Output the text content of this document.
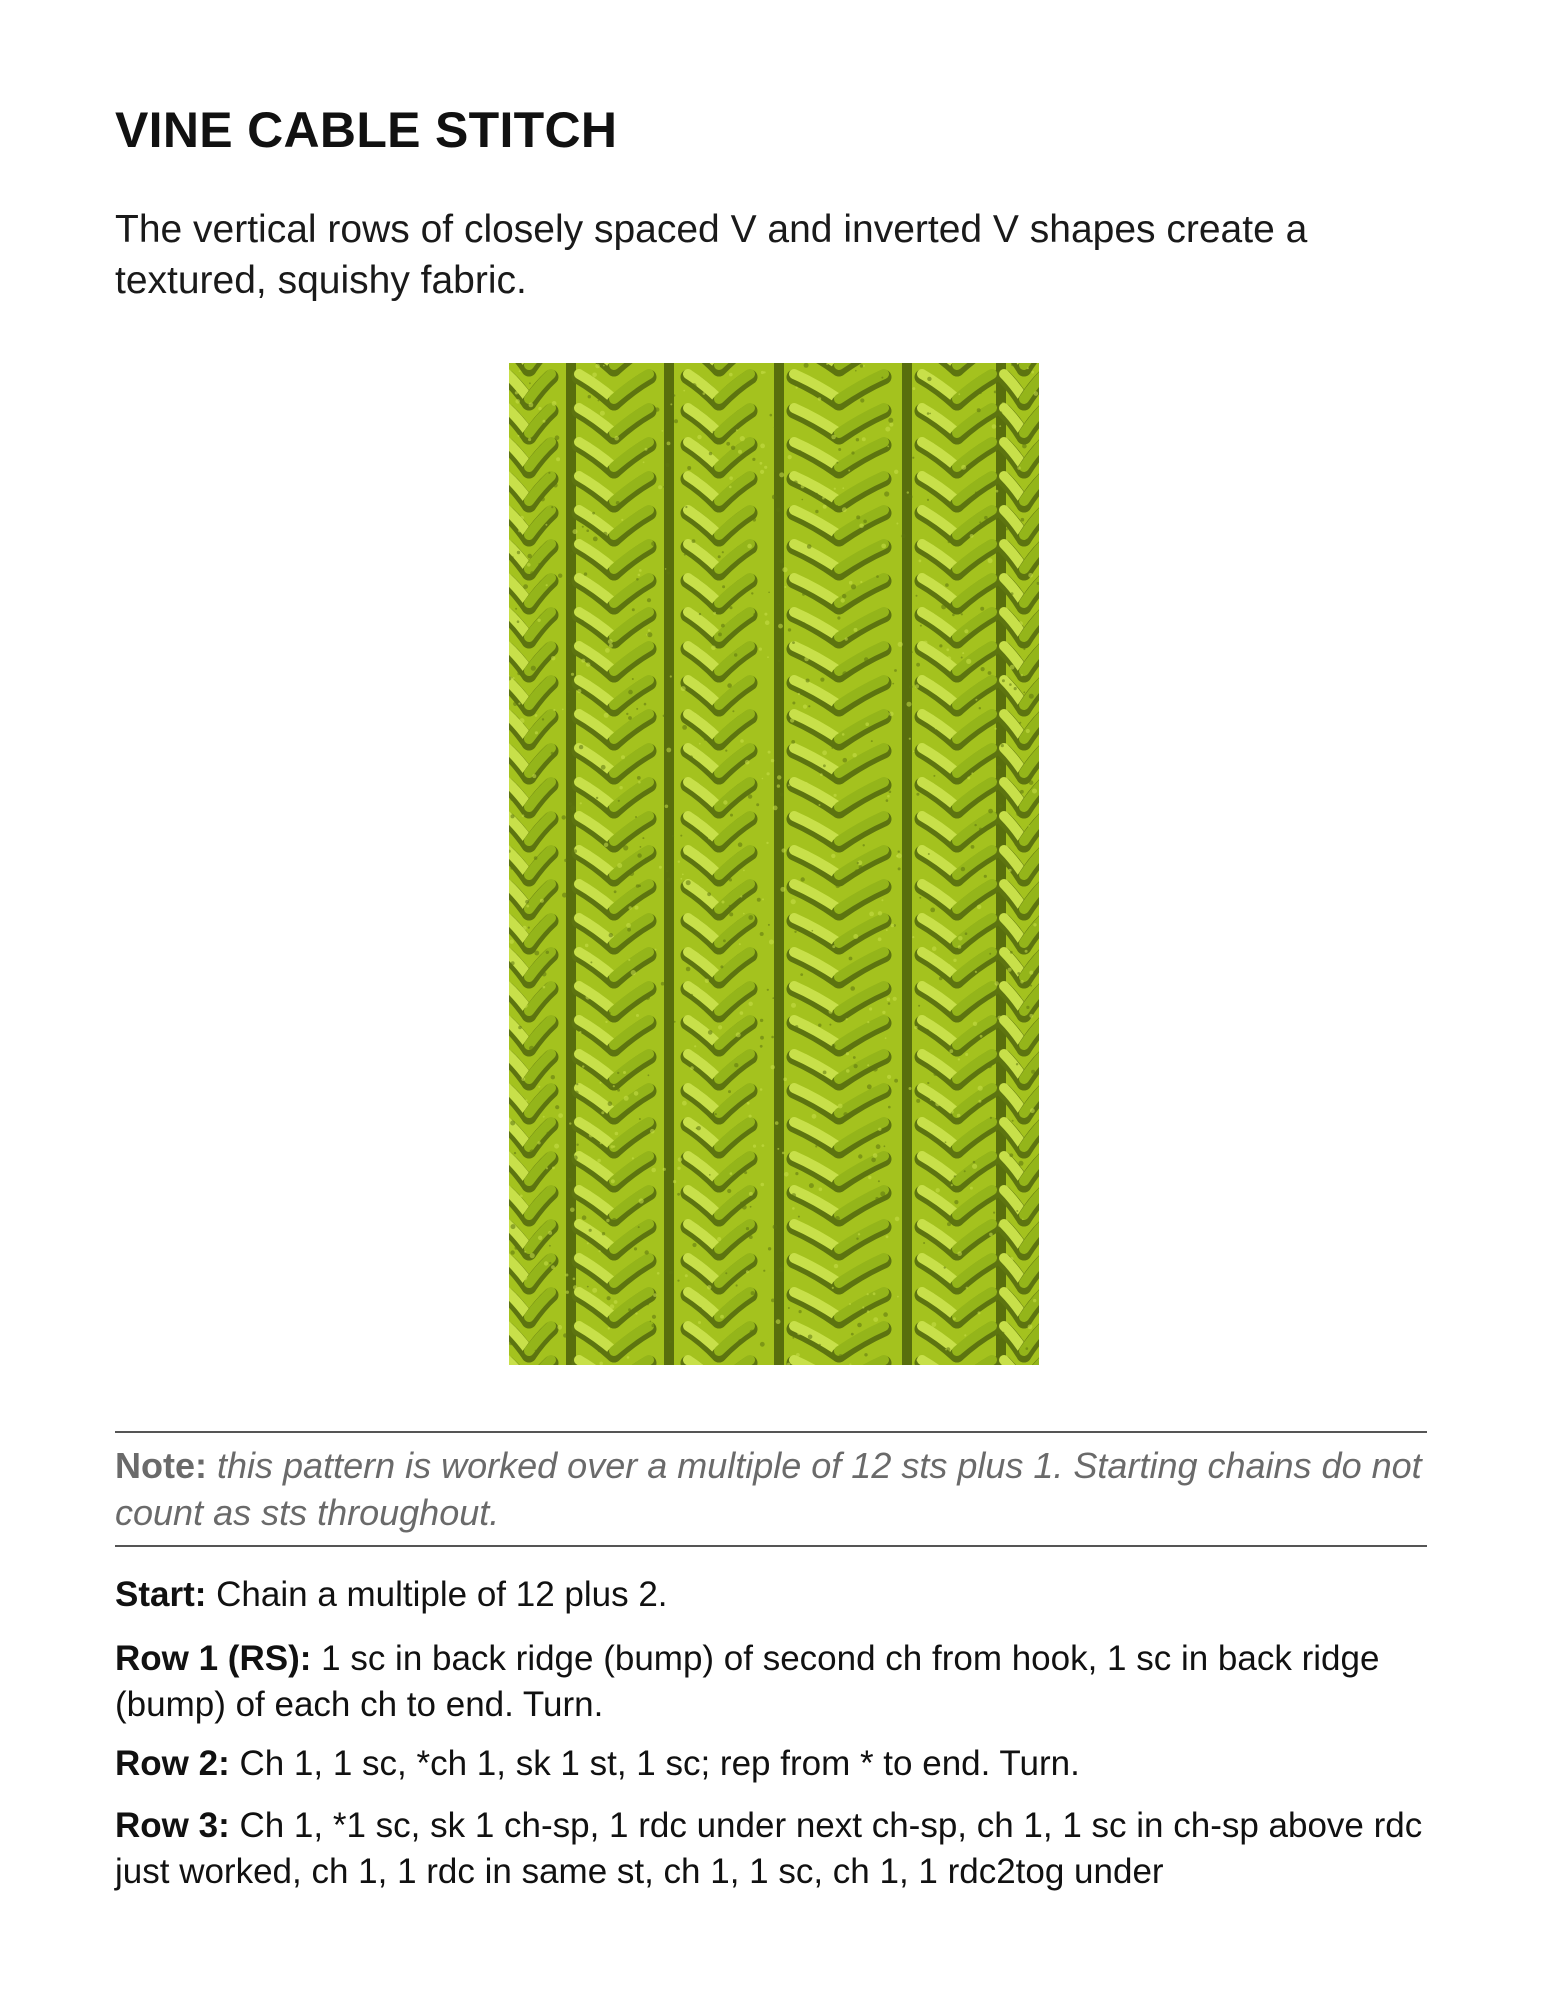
VINE CABLE STITCH

The vertical rows of closely spaced V and inverted V shapes create a textured, squishy fabric.

Note: this pattern is worked over a multiple of 12 sts plus 1. Starting chains do not count as sts throughout.

Start: Chain a multiple of 12 plus 2.

Row 1 (RS): 1 sc in back ridge (bump) of second ch from hook, 1 sc in back ridge (bump) of each ch to end. Turn.

Row 2: Ch 1, 1 sc, *ch 1, sk 1 st, 1 sc; rep from * to end. Turn.

Row 3: Ch 1, *1 sc, sk 1 ch-sp, 1 rdc under next ch-sp, ch 1, 1 sc in ch-sp above rdc just worked, ch 1, 1 rdc in same st, ch 1, 1 sc, ch 1, 1 rdc2tog under
